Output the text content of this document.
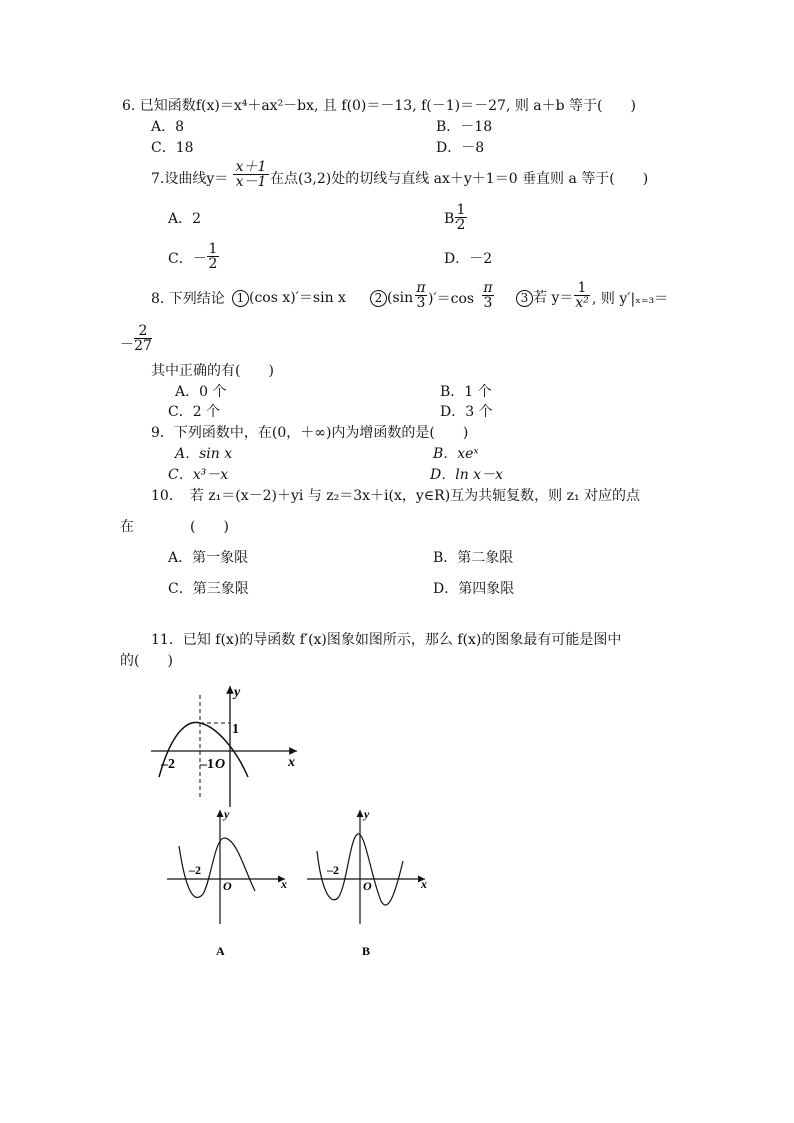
6. 已知函数f(x)＝x⁴＋ax²－bx, 且 f(0)＝－13, f(－1)＝－27, 则 a＋b 等于(　　)
A．8	B．－18
C．18	D．－8
7.设曲线y＝
x＋1
x－1 在点(3,2)处的切线与直线 ax＋y＋1＝0 垂直则 a 等于(　　)
A．2	B.
1
2
C．－
1
2	D．－2
8. 下列结论 1 (cos x)′＝sin x	2 (sin
π
3 )′＝cos
π
3	3 若 y＝
1
x² , 则 y′|ₓ₌₃＝
－
2
27
其中正确的有(　　)
A．0 个	B．1 个
C．2 个	D．3 个
9．下列函数中，在(0，＋∞)内为增函数的是(　　)
A．sin x	B．xeˣ
C．x³－x	D．ln x－x
10．　若 z₁＝(x－2)＋yi 与 z₂＝3x＋i(x，y∈R)互为共轭复数，则 z₁ 对应的点
在　　　　(　　)
A．第一象限	B．第二象限
C．第三象限	D．第四象限
11．已知 f(x)的导函数 f′(x)图象如图所示，那么 f(x)的图象最有可能是图中
的(　　)
y
x
1
–2 –1 O
y
x
–2
O
A
y
x
–2
O
B
